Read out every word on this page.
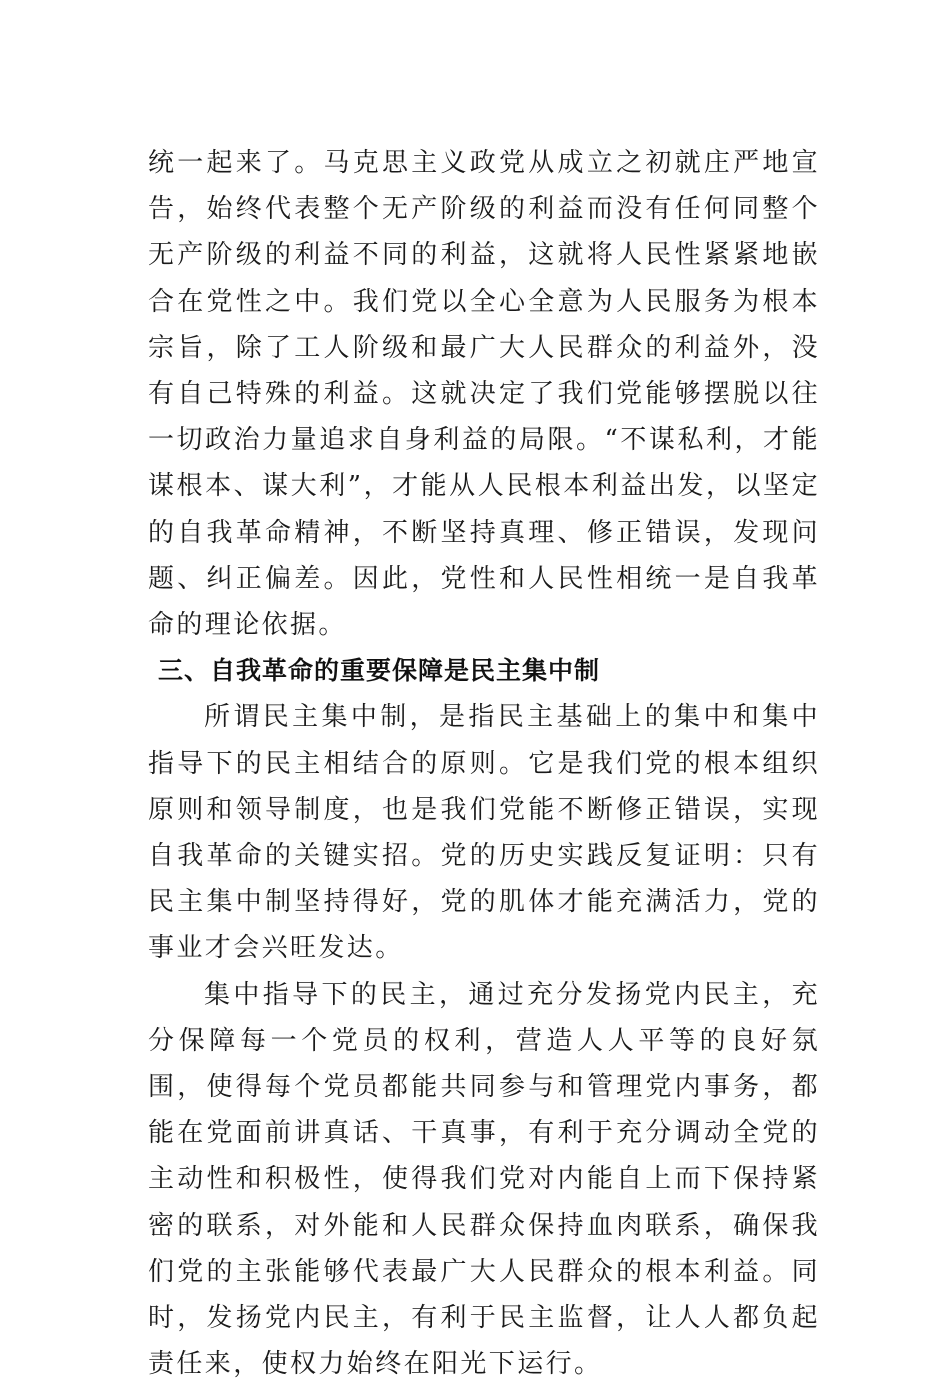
统一起来了。马克思主义政党从成立之初就庄严地宣告，始终代表整个无产阶级的利益而没有任何同整个无产阶级的利益不同的利益，这就将人民性紧紧地嵌合在党性之中。我们党以全心全意为人民服务为根本宗旨，除了工人阶级和最广大人民群众的利益外，没有自己特殊的利益。这就决定了我们党能够摆脱以往一切政治力量追求自身利益的局限。“不谋私利，才能谋根本、谋大利”，才能从人民根本利益出发，以坚定的自我革命精神，不断坚持真理、修正错误，发现问题、纠正偏差。因此，党性和人民性相统一是自我革命的理论依据。

三、自我革命的重要保障是民主集中制

所谓民主集中制，是指民主基础上的集中和集中指导下的民主相结合的原则。它是我们党的根本组织原则和领导制度，也是我们党能不断修正错误，实现自我革命的关键实招。党的历史实践反复证明：只有民主集中制坚持得好，党的肌体才能充满活力，党的事业才会兴旺发达。

集中指导下的民主，通过充分发扬党内民主，充分保障每一个党员的权利，营造人人平等的良好氛围，使得每个党员都能共同参与和管理党内事务，都能在党面前讲真话、干真事，有利于充分调动全党的主动性和积极性，使得我们党对内能自上而下保持紧密的联系，对外能和人民群众保持血肉联系，确保我们党的主张能够代表最广大人民群众的根本利益。同时，发扬党内民主，有利于民主监督，让人人都负起责任来，使权力始终在阳光下运行。
